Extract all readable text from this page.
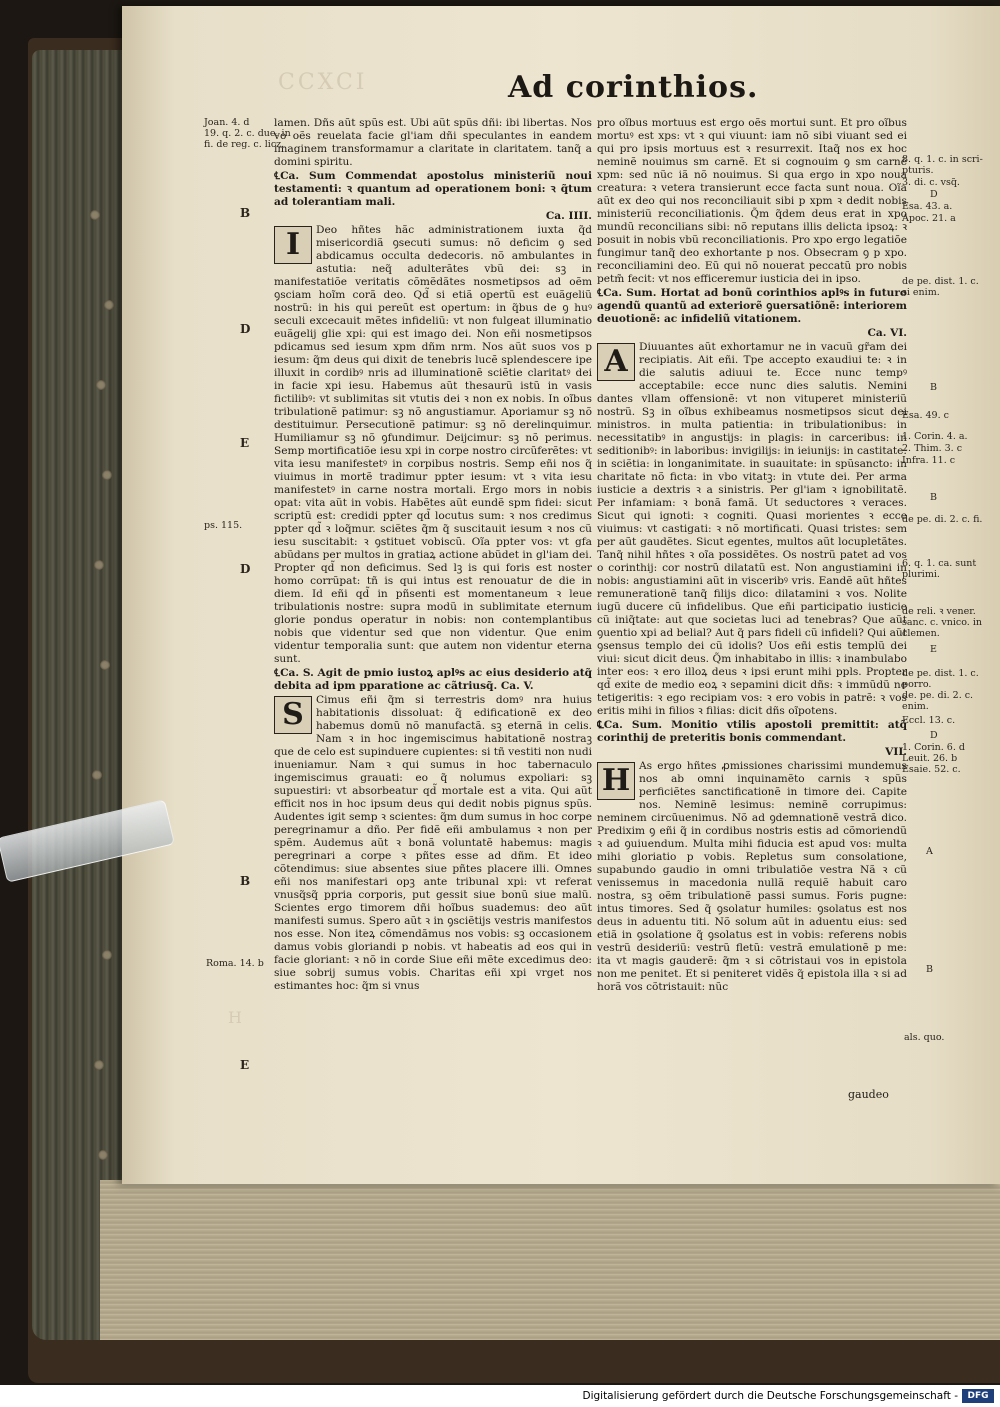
CCXCI
H
Ad corinthios.
Joan. 4. d
19. q. 2. c. due. in
fi. de reg. c. licz.
B
D
E
ps. 115.
D
B
Roma. 14. b
E

lamen. Dñs aũt spũs est. Ubi aũt spũs dñi: ibi libertas. Nos vo oẽs reuelata facie gl'iam dñi speculantes in eandem imaginem transformamur a claritate in claritatem. tanq̃ a domini spiritu.

℄Ca. Sum Commendat apostolus ministeriũ noui testamenti: ꝛ quantum ad operationem boni: ꝛ q̃tum ad tolerantiam mali.

Ca. IIII.

I	Deo hñtes hãc administrationem iuxta q̃d misericordiã ꝯsecuti sumus: nõ deficim ꝯ sed abdicamus occulta dedecoris. nõ ambulantes in astutia: neq̃ adulterãtes vbũ dei: sꝫ in manifestatiõe veritatis cõmẽdãtes nosmetipsos ad oẽm ꝯsciam hoĩm corã deo. Qd̃ si etiã opertũ est euãgeliũ nostrũ: in his qui pereũt est opertum: in q̃bus de ꝯ huꝰ seculi excecauit mẽtes infideliũ: vt non fulgeat illuminatio euãgelij glie xpi: qui est imago dei. Non eñi nosmetipsos pdicamus sed iesum xpm dñm nrm. Nos aũt suos vos p iesum: q̃m deus qui dixit de tenebris lucẽ splendescere ipe illuxit in cordibꝰ nris ad illuminationẽ sciẽtie claritatꝰ dei in facie xpi iesu. Habemus aũt thesaurũ istũ in vasis fictilibꝰ: vt sublimitas sit vtutis dei ꝛ non ex nobis. In oĩbus tribulationẽ patimur: sꝫ nõ angustiamur. Aporiamur sꝫ nõ destituimur. Persecutionẽ patimur: sꝫ nõ derelinquimur. Humiliamur sꝫ nõ ꝯfundimur. Deijcimur: sꝫ nõ perimus. Semp mortificatiõe iesu xpi in corpe nostro circũferẽtes: vt vita iesu manifestetꝰ in corpibus nostris. Semp eñi nos q̃ viuimus in mortẽ tradimur ppter iesum: vt ꝛ vita iesu manifestetꝰ in carne nostra mortali. Ergo mors in nobis opat: vita aũt in vobis. Habẽtes aũt eundẽ spm fidei: sicut scriptũ est: credidi ppter qd̃ locutus sum: ꝛ nos credimus ppter qd̃ ꝛ loq̃mur. sciẽtes q̃m q̃ suscitauit iesum ꝛ nos cũ iesu suscitabit: ꝛ ꝯstituet vobiscũ. Oĩa ppter vos: vt gfa abũdans per multos in gratiaꝝ actione abũdet in gl'iam dei. Propter qd̃ non deficimus. Sed lꝫ is qui foris est noster homo corrũpat: tñ is qui intus est renouatur de die in diem. Id eñi qd̃ in pñsenti est momentaneum ꝛ leue tribulationis nostre: supra modũ in sublimitate eternum glorie pondus operatur in nobis: non contemplantibus nobis que videntur sed que non videntur. Que enim videntur temporalia sunt: que autem non videntur eterna sunt.

℄Ca. S. Agit de pmio iustoꝝ aplꝰs ac eius desiderio atq̃ debita ad ipm pparatione ac cãtriusq̃. Ca. V.

S	Cimus eñi q̃m si terrestris domꝰ nra huius habitationis dissoluat: q̃ edificationẽ ex deo habemus domũ nõ manufactã. sꝫ eternã in celis. Nam ꝛ in hoc ingemiscimus habitationẽ nostraꝫ que de celo est supinduere cupientes: si tñ vestiti non nudi inueniamur. Nam ꝛ qui sumus in hoc tabernaculo ingemiscimus grauati: eo q̃ nolumus expoliari: sꝫ supuestiri: vt absorbeatur qd̃ mortale est a vita. Qui aũt efficit nos in hoc ipsum deus qui dedit nobis pignus spũs. Audentes igit semp ꝛ scientes: q̃m dum sumus in hoc corpe peregrinamur a dño. Per fidẽ eñi ambulamus ꝛ non per spẽm. Audemus aũt ꝛ bonã voluntatẽ habemus: magis peregrinari a corpe ꝛ pñtes esse ad dñm. Et ideo cõtendimus: siue absentes siue pñtes placere illi. Omnes eñi nos manifestari opꝫ ante tribunal xpi: vt referat vnusq̃sq̃ ppria corporis, put gessit siue bonũ siue malũ. Scientes ergo timorem dñi hoĩbus suademus: deo aũt manifesti sumus. Spero aũt ꝛ in ꝯsciẽtijs vestris manifestos nos esse. Non iteꝝ cõmendãmus nos vobis: sꝫ occasionem damus vobis gloriandi p nobis. vt habeatis ad eos qui in facie gloriant: ꝛ nõ in corde Siue eñi mẽte excedimus deo: siue sobrij sumus vobis. Charitas eñi xpi vrget nos estimantes hoc: q̃m si vnus

pro oĩbus mortuus est ergo oẽs mortui sunt. Et pro oĩbus mortuꝰ est xps: vt ꝛ qui viuunt: iam nõ sibi viuant sed ei qui pro ipsis mortuus est ꝛ resurrexit. Itaq̃ nos ex hoc neminẽ nouimus sm carnẽ. Et si cognouim ꝯ sm carnẽ xpm: sed nũc iã nõ nouimus. Si qua ergo in xpo noua creatura: ꝛ vetera transierunt ecce facta sunt noua. Oĩa aũt ex deo qui nos reconciliauit sibi p xpm ꝛ dedit nobis ministeriũ reconciliationis. Q̃m q̃dem deus erat in xpo mundũ reconcilians sibi: nõ reputans illis delicta ipsoꝝ: ꝛ posuit in nobis vbũ reconciliationis. Pro xpo ergo legatiõe fungimur tanq̃ deo exhortante p nos. Obsecram ꝯ p xpo. reconciliamini deo. Eũ qui nõ nouerat peccatũ pro nobis petm̃ fecit: vt nos efficeremur iusticia dei in ipso.

℄Ca. Sum. Hortat ad bonũ corinthios aplꝰs in futuro agendũ quantũ ad exteriorẽ ꝯuersatiõnẽ: interiorem deuotionẽ: ac infideliũ vitationem.

Ca. VI.

A	Diuuantes aũt exhortamur ne in vacuũ gr̃am dei recipiatis. Ait eñi. Tpe accepto exaudiui te: ꝛ in die salutis adiuui te. Ecce nunc tempꝰ acceptabile: ecce nunc dies salutis. Nemini dantes vllam offensionẽ: vt non vituperet ministeriũ nostrũ. Sꝫ in oĩbus exhibeamus nosmetipsos sicut dei ministros. in multa patientia: in tribulationibus: in necessitatibꝰ in angustijs: in plagis: in carceribus: in seditionibꝰ: in laboribus: invigilijs: in ieiunijs: in castitate: in sciẽtia: in longanimitate. in suauitate: in spũsancto: in charitate nõ ficta: in vbo vitatꝫ: in vtute dei. Per arma iusticie a dextris ꝛ a sinistris. Per gl'iam ꝛ ignobilitatẽ. Per infamiam: ꝛ bonã famã. Ut seductores ꝛ veraces. Sicut qui ignoti: ꝛ cogniti. Quasi morientes ꝛ ecce viuimus: vt castigati: ꝛ nõ mortificati. Quasi tristes: sem per aũt gaudẽtes. Sicut egentes, multos aũt locupletãtes. Tanq̃ nihil hñtes ꝛ oĩa possidẽtes. Os nostrũ patet ad vos o corinthij: cor nostrũ dilatatũ est. Non angustiamini in nobis: angustiamini aũt in visceribꝰ vris. Eandẽ aũt hñtes remunerationẽ tanq̃ filijs dico: dilatamini ꝛ vos. Nolite iugũ ducere cũ infidelibus. Que eñi participatio iusticie cũ iniq̃tate: aut que societas luci ad tenebras? Que aũt ꝯuentio xpi ad belial? Aut q̃ pars fideli cũ infideli? Qui aũt ꝯsensus templo dei cũ idolis? Uos eñi estis templũ dei viui: sicut dicit deus. Q̃m inhabitabo in illis: ꝛ inambulabo inter eos: ꝛ ero illoꝝ deus ꝛ ipsi erunt mihi ppls. Propter qd̃ exite de medio eoꝝ ꝛ sepamini dicit dñs: ꝛ immũdũ ne tetigeritis: ꝛ ego recipiam vos: ꝛ ero vobis in patrẽ: ꝛ vos eritis mihi in filios ꝛ filias: dicit dñs oĩpotens.

℄Ca. Sum. Monitio vtilis apostoli premittit: atq̃ corinthij de preteritis bonis commendant.

VII.

H As ergo hñtes ꝓmissiones charissimi mundemus nos ab omni inquinamẽto carnis ꝛ spũs perficiẽtes sanctificationẽ in timore dei. Capite nos. Neminẽ lesimus: neminẽ corrupimus: neminem circũuenimus. Nõ ad ꝯdemnationẽ vestrã dico. Predixim ꝯ eñi q̃ in cordibus nostris estis ad cõmoriendũ ꝛ ad ꝯuiuendum. Multa mihi fiducia est apud vos: multa mihi gloriatio p vobis. Repletus sum consolatione, supabundo gaudio in omni tribulatiõe vestra Nã ꝛ cũ venissemus in macedonia nullã requiẽ habuit caro nostra, sꝫ oẽm tribulationẽ passi sumus. Foris pugne: intus timores. Sed q̃ ꝯsolatur humiles: ꝯsolatus est nos deus in aduentu titi. Nõ solum aũt in aduentu eius: sed etiã in ꝯsolatione q̃ ꝯsolatus est in vobis: referens nobis vestrũ desideriũ: vestrũ fletũ: vestrã emulationẽ p me: ita vt magis gauderẽ: q̃m ꝛ si cõtristaui vos in epistola non me penitet. Et si peniteret vidẽs q̃ epistola illa ꝛ si ad horã vos cõtristauit: nũc

gaudeo
8. q. 1. c. in scri-
pturis.
3. di. c. vsq̃.
D
Esa. 43. a.
Apoc. 21. a
de pe. dist. 1. c.
si enim.
B
Esa. 49. c
1. Corin. 4. a.
2. Thim. 3. c
Infra. 11. c
B
de pe. di. 2. c. fi.
6. q. 1. ca. sunt
plurimi.
de reli. ꝛ vener.
sanc. c. vnico. in
clemen.
E
de pe. dist. 1. c.
porro.
de. pe. di. 2. c.
enim.
Eccl. 13. c.
D
1. Corin. 6. d
Leuit. 26. b
Esaie. 52. c.
A
B
als. quo.
Digitalisierung gefördert durch die Deutsche Forschungsgemeinschaft -	DFG
